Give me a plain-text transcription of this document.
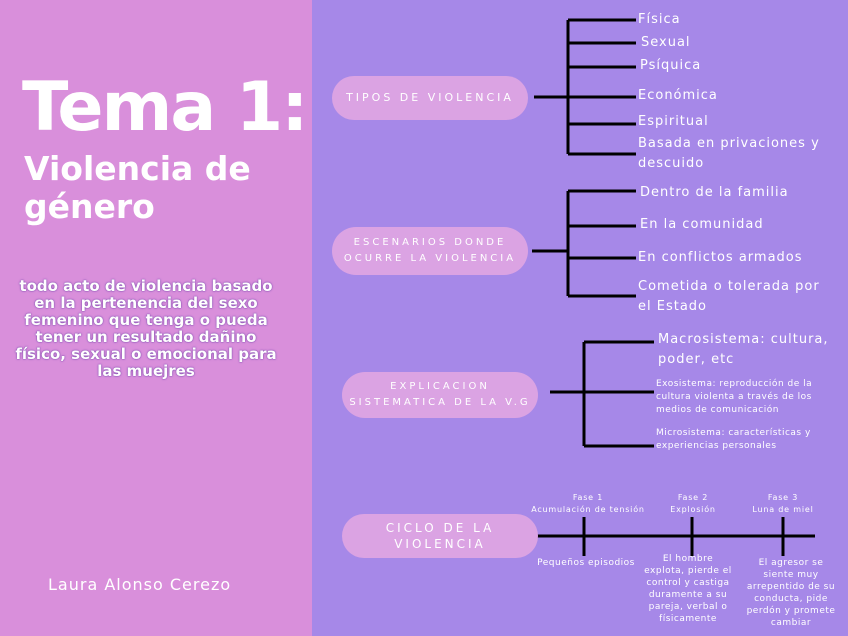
Tema 1:
Violencia de género
todo acto de violencia basado en la pertenencia del sexo femenino que tenga o pueda tener un resultado dañino físico, sexual o emocional para las muejres
Laura Alonso Cerezo
TIPOS DE VIOLENCIA
ESCENARIOS DONDE OCURRE LA VIOLENCIA
EXPLICACION SISTEMATICA DE LA V.G
CICLO DE LA VIOLENCIA
Física
Sexual
Psíquica
Económica
Espiritual
Basada en privaciones y descuido
Dentro de la familia
En la comunidad
En conflictos armados
Cometida o tolerada por el Estado
Macrosistema: cultura, poder, etc
Exosistema: reproducción de la cultura violenta a través de los medios de comunicación
Microsistema: características y experiencias personales
Fase 1
Acumulación de tensión
Fase 2
Explosión
Fase 3
Luna de miel
Pequeños episodios	El hombre explota, pierde el control y castiga duramente a su pareja, verbal o físicamente
El agresor se siente muy arrepentido de su conducta, pide perdón y promete cambiar
